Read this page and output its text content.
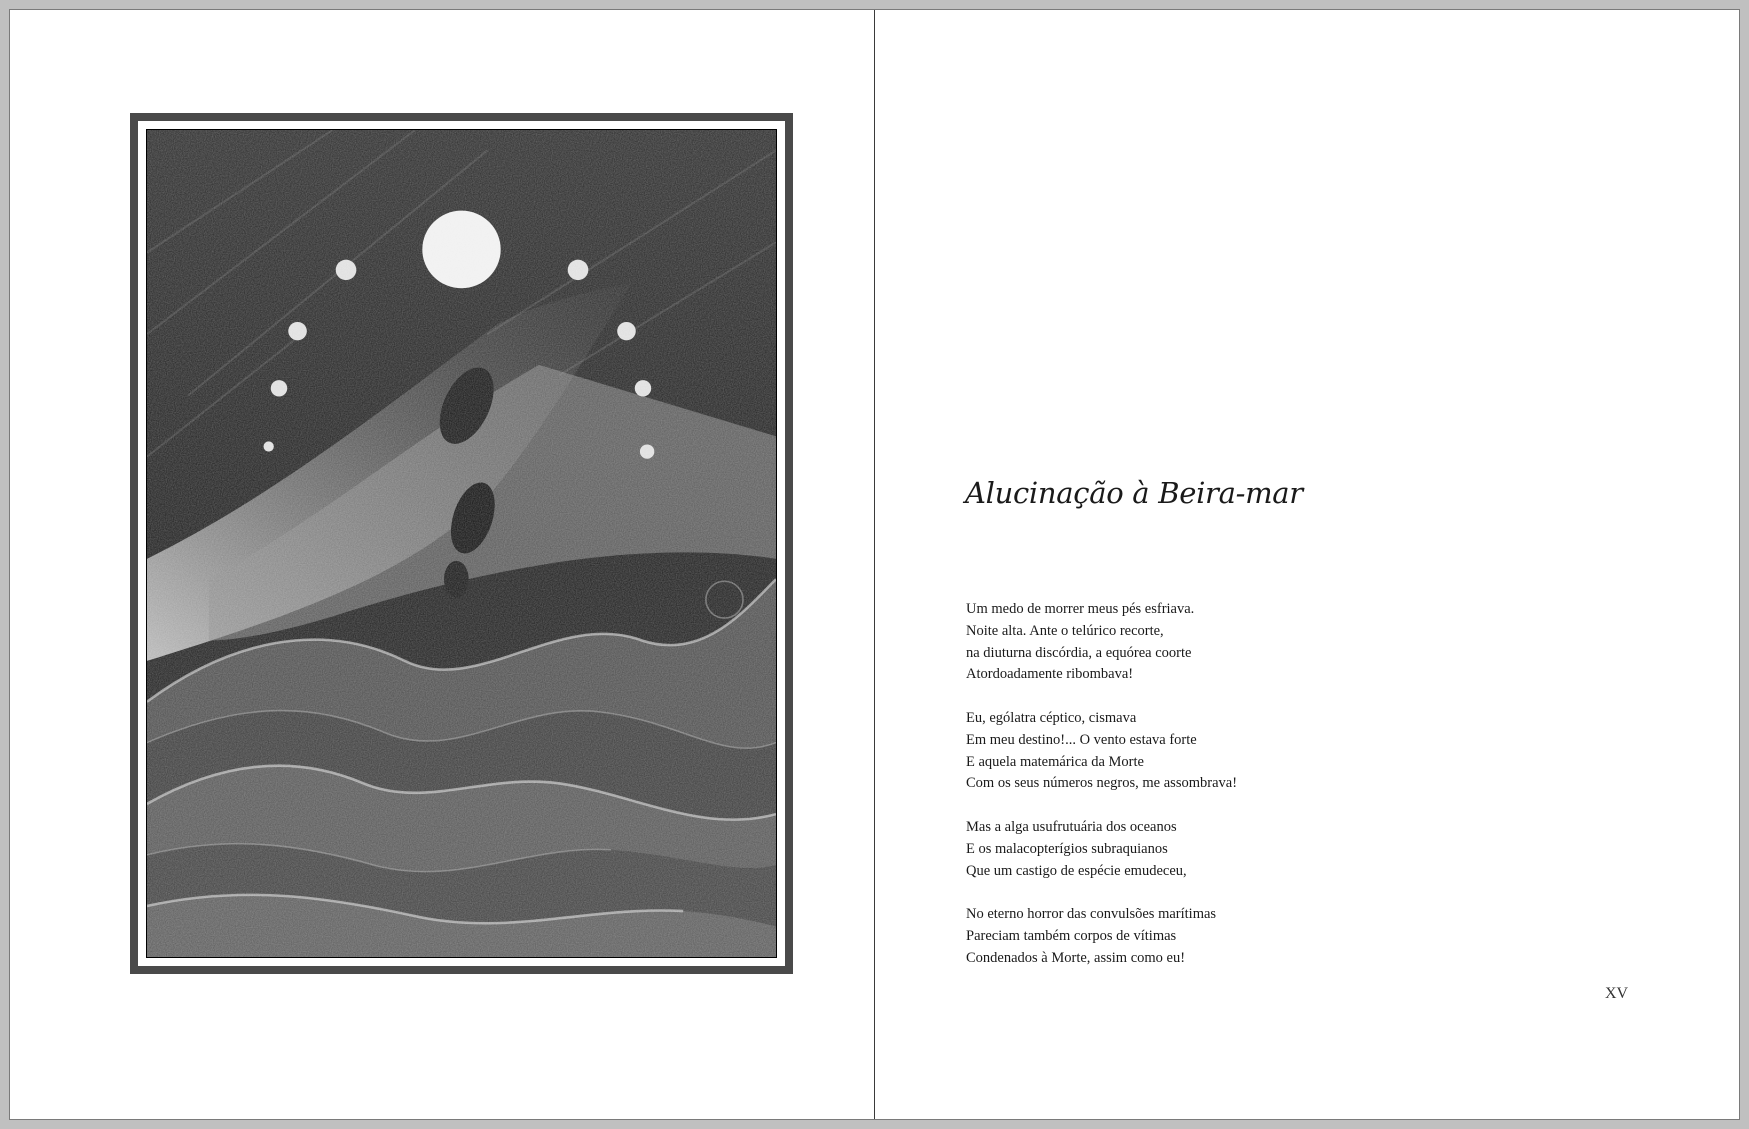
Alucinação à Beira-mar

Um medo de morrer meus pés esfriava.
Noite alta. Ante o telúrico recorte,
na diuturna discórdia, a equórea coorte
Atordoadamente ribombava!

Eu, ególatra céptico, cismava
Em meu destino!... O vento estava forte
E aquela matemárica da Morte
Com os seus números negros, me assombrava!

Mas a alga usufrutuária dos oceanos
E os malacopterígios subraquianos
Que um castigo de espécie emudeceu,

No eterno horror das convulsões marítimas
Pareciam também corpos de vítimas
Condenados à Morte, assim como eu!

XV
